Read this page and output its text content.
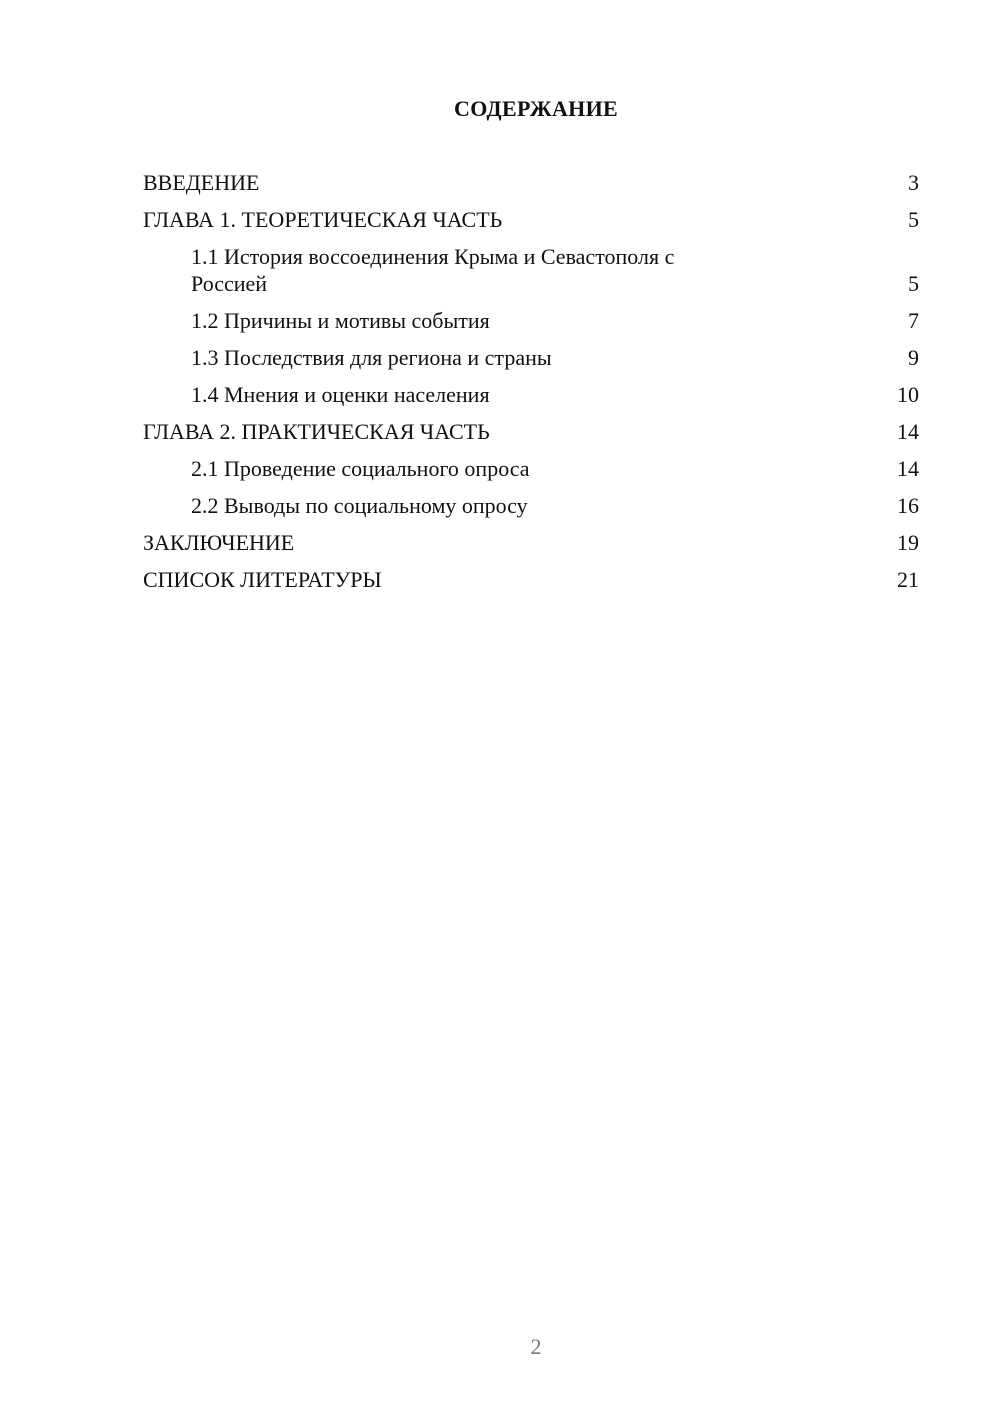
СОДЕРЖАНИЕ
ВВЕДЕНИЕ	3
ГЛАВА 1. ТЕОРЕТИЧЕСКАЯ ЧАСТЬ	5
1.1 История воссоединения Крыма и Севастополя с Россией	5
1.2 Причины и мотивы события	7
1.3 Последствия для региона и страны	9
1.4 Мнения и оценки населения	10
ГЛАВА 2. ПРАКТИЧЕСКАЯ ЧАСТЬ	14
2.1 Проведение социального опроса	14
2.2 Выводы по социальному опросу	16
ЗАКЛЮЧЕНИЕ	19
СПИСОК ЛИТЕРАТУРЫ	21
2
